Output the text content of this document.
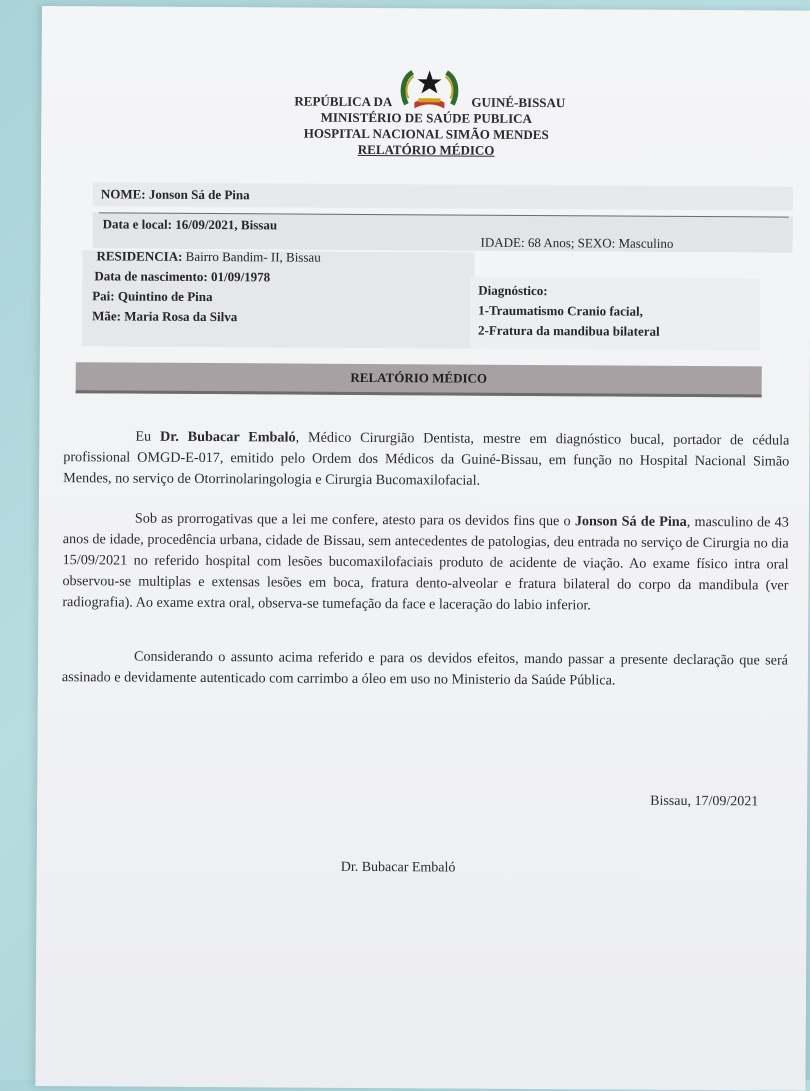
REPÚBLICA DA	GUINÉ-BISSAU
MINISTÉRIO DE SAÚDE PUBLICA
HOSPITAL NACIONAL SIMÃO MENDES
RELATÓRIO MÉDICO
NOME: Jonson Sá de Pina
Data e local: 16/09/2021, Bissau
IDADE: 68 Anos; SEXO: Masculino
RESIDENCIA: Bairro Bandim- II, Bissau
Data de nascimento: 01/09/1978
Pai: Quintino de Pina
Mãe: Maria Rosa da Silva
Diagnóstico:
1-Traumatismo Cranio facial,
2-Fratura da mandibua bilateral
RELATÓRIO MÉDICO
Eu Dr. Bubacar Embaló, Médico Cirurgião Dentista, mestre em diagnóstico bucal, portador de cédula profissional OMGD-E-017, emitido pelo Ordem dos Médicos da Guiné-Bissau, em função no Hospital Nacional Simão Mendes, no serviço de Otorrinolaringologia e Cirurgia Bucomaxilofacial.
Sob as prorrogativas que a lei me confere, atesto para os devidos fins que o Jonson Sá de Pina, masculino de 43 anos de idade, procedência urbana, cidade de Bissau, sem antecedentes de patologias, deu entrada no serviço de Cirurgia no dia 15/09/2021 no referido hospital com lesões bucomaxilofaciais produto de acidente de viação. Ao exame físico intra oral observou-se multiplas e extensas lesões em boca, fratura dento-alveolar e fratura bilateral do corpo da mandibula (ver radiografia). Ao exame extra oral, observa-se tumefação da face e laceração do labio inferior.
Considerando o assunto acima referido e para os devidos efeitos, mando passar a presente declaração que será assinado e devidamente autenticado com carrimbo a óleo em uso no Ministerio da Saúde Pública.
Bissau, 17/09/2021
Dr. Bubacar Embaló
